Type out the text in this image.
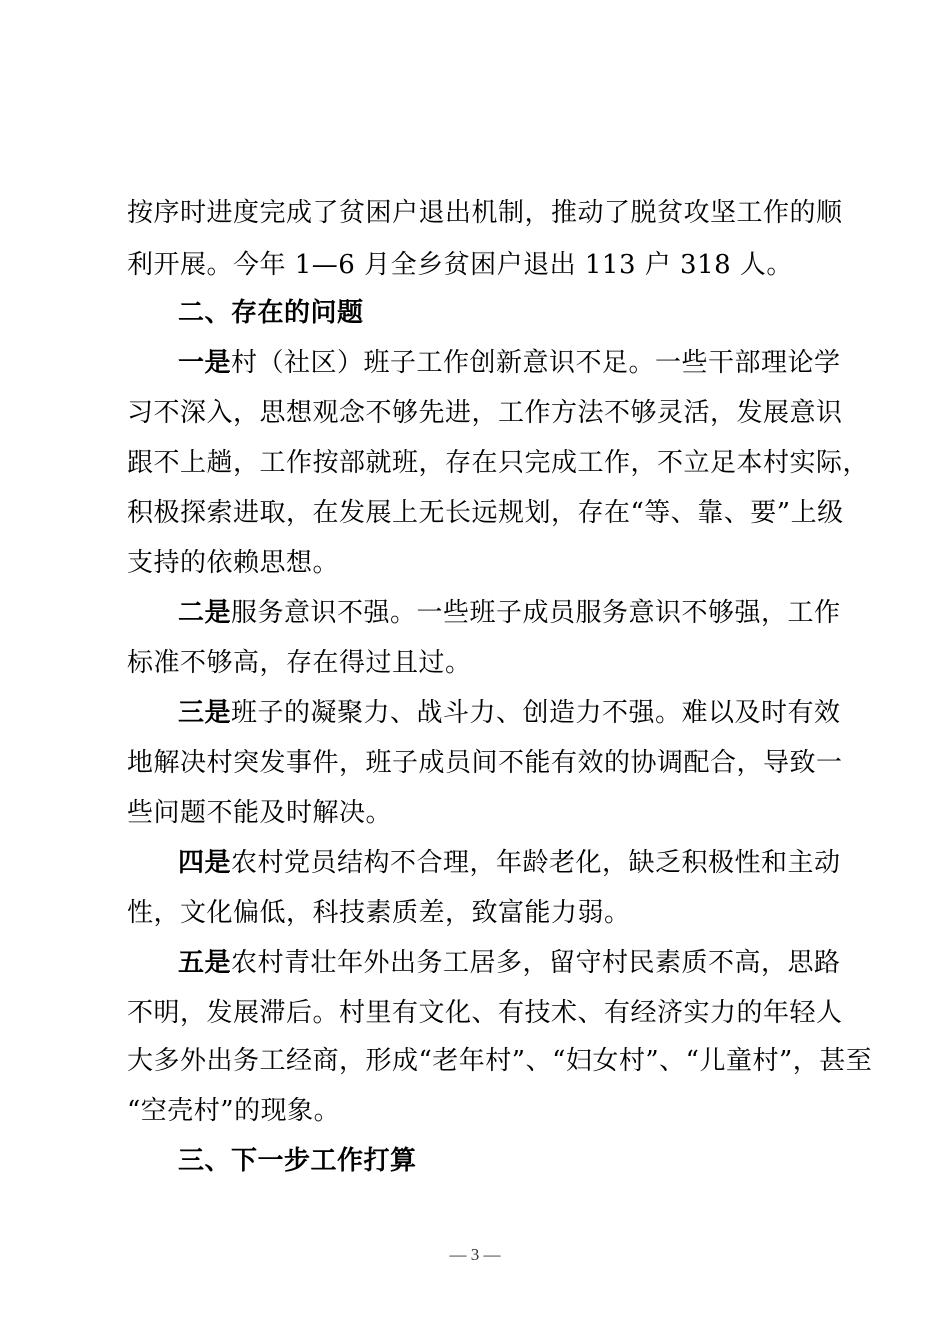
按序时进度完成了贫困户退出机制，推动了脱贫攻坚工作的顺
利开展。今年 1—6 月全乡贫困户退出 113 户 318 人。
二、存在的问题
一是村（社区）班子工作创新意识不足。一些干部理论学
习不深入，思想观念不够先进，工作方法不够灵活，发展意识
跟不上趟，工作按部就班，存在只完成工作，不立足本村实际，
积极探索进取，在发展上无长远规划，存在“等、靠、要”上级
支持的依赖思想。
二是服务意识不强。一些班子成员服务意识不够强，工作
标准不够高，存在得过且过。
三是班子的凝聚力、战斗力、创造力不强。难以及时有效
地解决村突发事件，班子成员间不能有效的协调配合，导致一
些问题不能及时解决。
四是农村党员结构不合理，年龄老化，缺乏积极性和主动
性，文化偏低，科技素质差，致富能力弱。
五是农村青壮年外出务工居多，留守村民素质不高，思路
不明，发展滞后。村里有文化、有技术、有经济实力的年轻人
大多外出务工经商，形成“老年村”、“妇女村”、“儿童村”，甚至
“空壳村”的现象。
三、下一步工作打算
— 3 —
